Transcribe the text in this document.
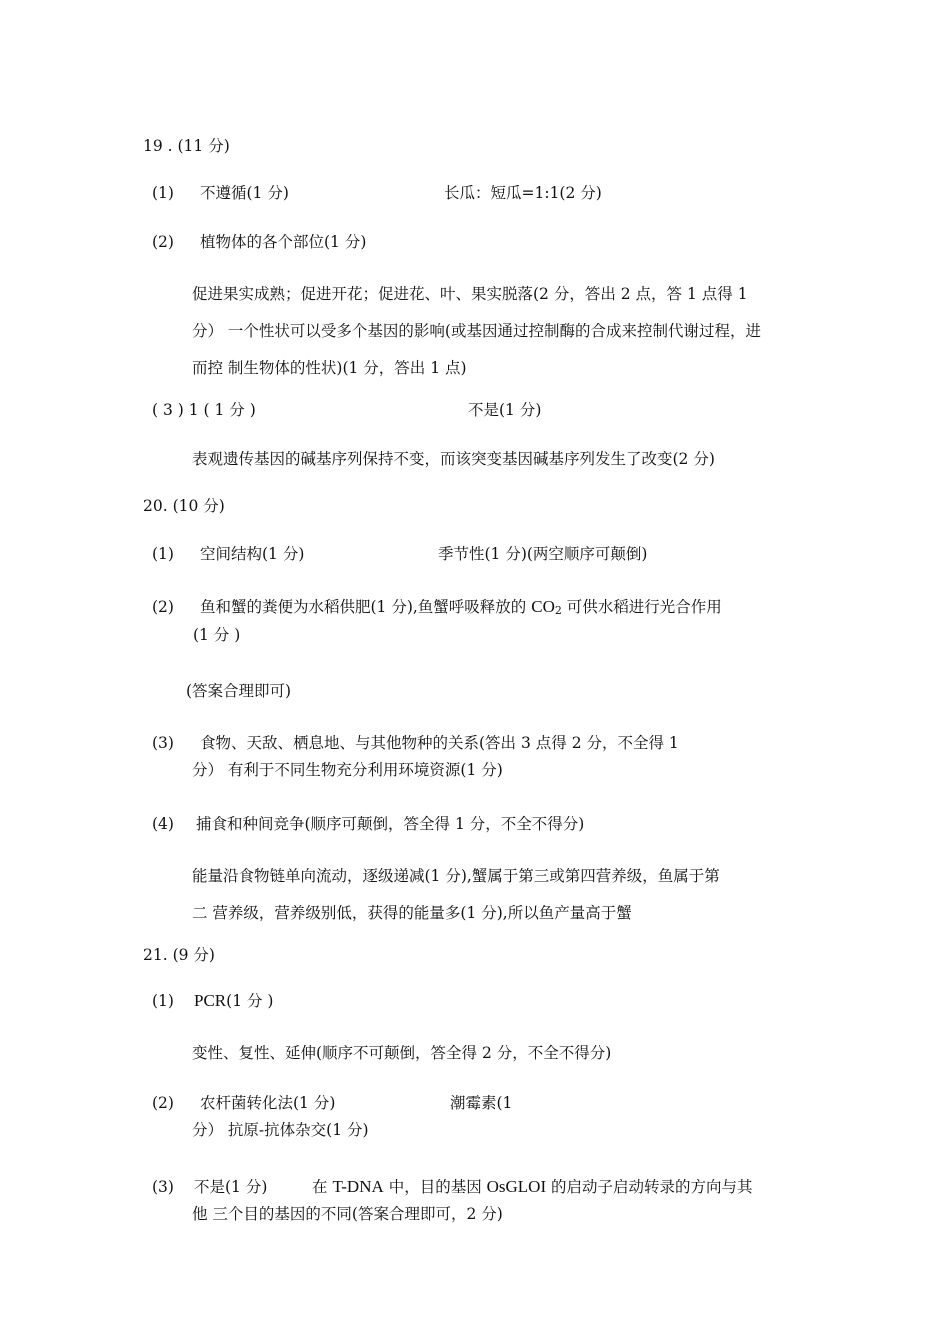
19 . (11 分)
(1) 不遵循(1 分)	长瓜：短瓜=1:1(2 分)
(2) 植物体的各个部位(1 分)
促进果实成熟；促进开花；促进花、叶、果实脱落(2 分，答出 2 点，答 1 点得 1
分） 一个性状可以受多个基因的影响(或基因通过控制酶的合成来控制代谢过程，进
而控 制生物体的性状)(1 分，答出 1 点)
( 3 ) 1 ( 1 分 )	不是(1 分)
表观遗传基因的碱基序列保持不变，而该突变基因碱基序列发生了改变(2 分)
20. (10 分)
(1) 空间结构(1 分)	季节性(1 分)(两空顺序可颠倒)
(2) 鱼和蟹的粪便为水稻供肥(1 分),鱼蟹呼吸释放的 $CO_2$ 可供水稻进行光合作用
(1 分 )
(答案合理即可)
(3) 食物、天敌、栖息地、与其他物种的关系(答出 3 点得 2 分，不全得 1
分） 有利于不同生物充分利用环境资源(1 分)
(4) 捕食和种间竞争(顺序可颠倒，答全得 1 分，不全不得分)
能量沿食物链单向流动，逐级递减(1 分),蟹属于第三或第四营养级，鱼属于第
二 营养级，营养级别低，获得的能量多(1 分),所以鱼产量高于蟹
21. (9 分)
(1) PCR(1 分 )
变性、复性、延伸(顺序不可颠倒，答全得 2 分，不全不得分)
(2) 农杆菌转化法(1 分)	潮霉素(1
分） 抗原-抗体杂交(1 分)
(3) 不是(1 分)	在 T-DNA 中，目的基因 OsGLOI 的启动子启动转录的方向与其
他 三个目的基因的不同(答案合理即可，2 分)
